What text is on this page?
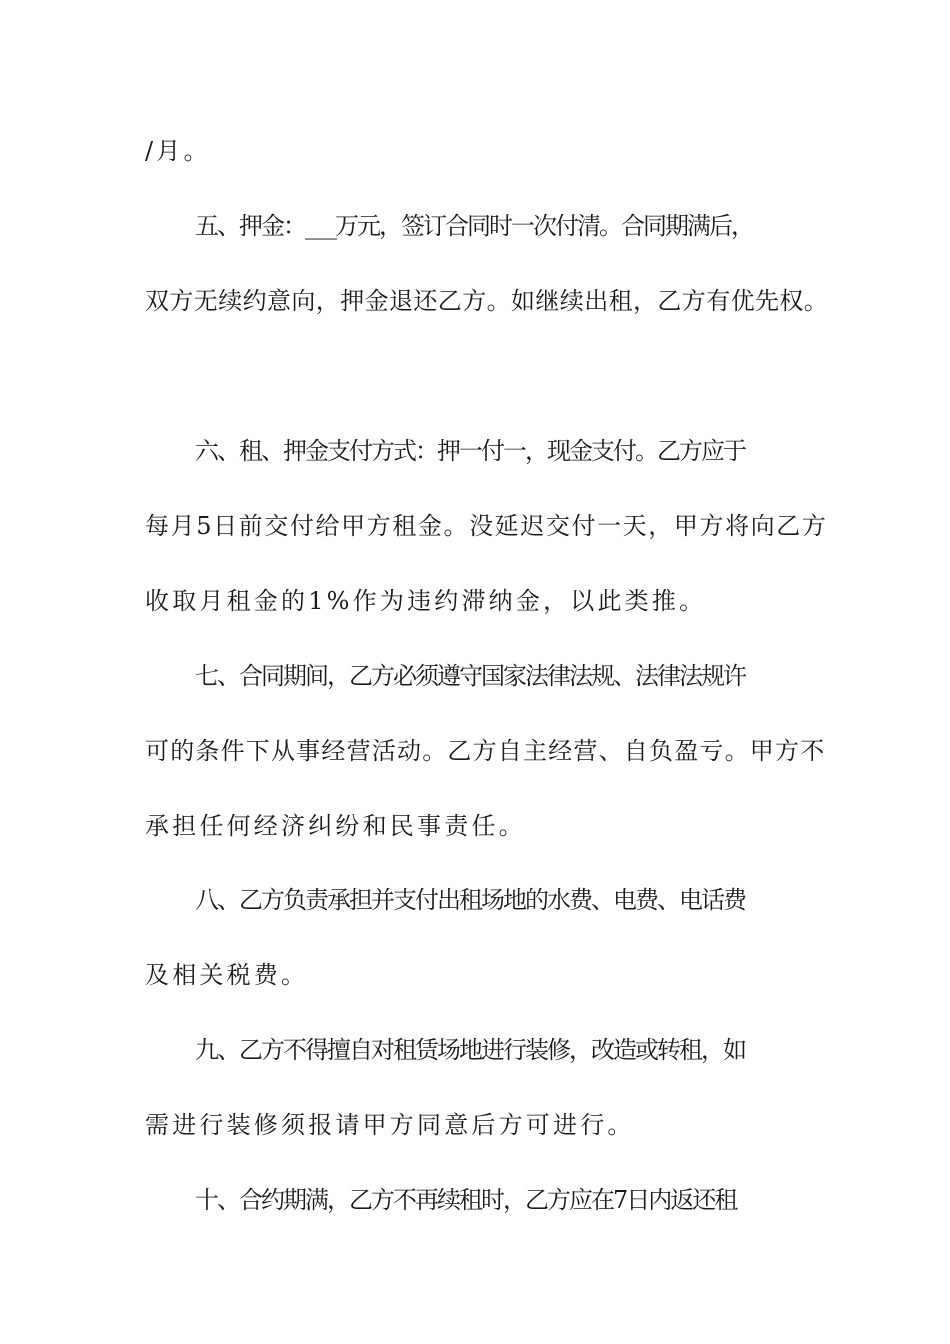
/月。
五、押金：___万元，签订合同时一次付清。合同期满后，
双方无续约意向，押金退还乙方。如继续出租，乙方有优先权。
六、租、押金支付方式：押一付一，现金支付。乙方应于
每月5日前交付给甲方租金。没延迟交付一天，甲方将向乙方
收取月租金的1%作为违约滞纳金，以此类推。
七、合同期间，乙方必须遵守国家法律法规、法律法规许
可的条件下从事经营活动。乙方自主经营、自负盈亏。甲方不
承担任何经济纠纷和民事责任。
八、乙方负责承担并支付出租场地的水费、电费、电话费
及相关税费。
九、乙方不得擅自对租赁场地进行装修，改造或转租，如
需进行装修须报请甲方同意后方可进行。
十、合约期满，乙方不再续租时，乙方应在7日内返还租
